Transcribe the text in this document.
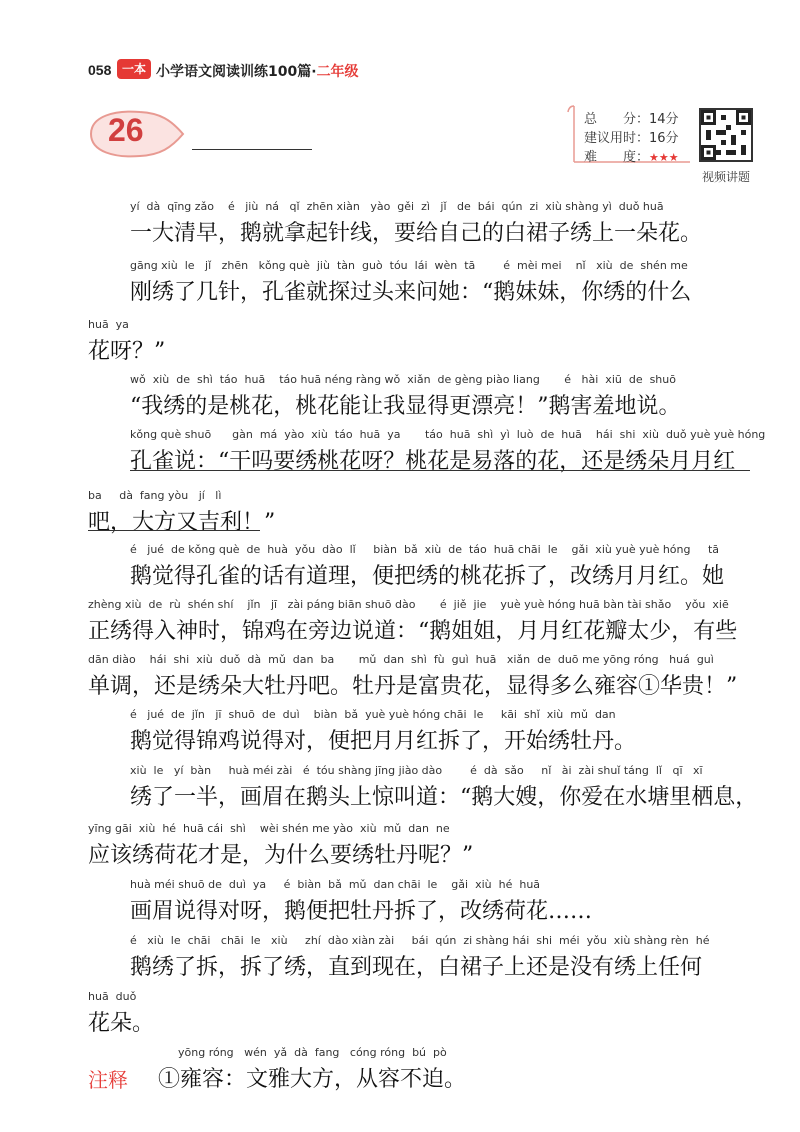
058 一本 小学语文阅读训练100篇·二年级
26	总　　分：14分
建议用时：16分
难　　度：★★★
视频讲题
yí  dà  qīng zǎo    é   jiù  ná   qǐ  zhēn xiàn   yào  gěi  zì   jǐ   de  bái  qún  zi  xiù shàng yì  duǒ huā
一大清早，鹅就拿起针线，要给自己的白裙子绣上一朵花。
gāng xiù  le   jǐ   zhēn   kǒng què  jiù  tàn  guò  tóu  lái  wèn  tā        é  mèi mei    nǐ   xiù  de  shén me
刚绣了几针，孔雀就探过头来问她：“鹅妹妹，你绣的什么
huā  ya
花呀？”
wǒ  xiù  de  shì  táo  huā    táo huā néng ràng wǒ  xiǎn  de gèng piào liang       é   hài  xiū  de  shuō
“我绣的是桃花，桃花能让我显得更漂亮！”鹅害羞地说。
kǒng què shuō      gàn  má  yào  xiù  táo  huā  ya       táo  huā  shì  yì  luò  de  huā    hái  shi  xiù  duǒ yuè yuè hóng
孔雀说：“干吗要绣桃花呀？桃花是易落的花，还是绣朵月月红
ba     dà  fang yòu   jí   lì
吧，大方又吉利！”
é   jué  de kǒng què  de  huà  yǒu  dào  lǐ     biàn  bǎ  xiù  de  táo  huā chāi  le    gǎi  xiù yuè yuè hóng     tā
鹅觉得孔雀的话有道理，便把绣的桃花拆了，改绣月月红。她
zhèng xiù  de  rù  shén shí    jǐn   jī   zài páng biān shuō dào       é  jiě  jie    yuè yuè hóng huā bàn tài shǎo    yǒu  xiē
正绣得入神时，锦鸡在旁边说道：“鹅姐姐，月月红花瓣太少，有些
dān diào    hái  shi  xiù  duǒ  dà  mǔ  dan  ba       mǔ  dan  shì  fù  guì  huā   xiǎn  de  duō me yōng róng   huá  guì
单调，还是绣朵大牡丹吧。牡丹是富贵花，显得多么雍容①华贵！”
é   jué  de  jǐn   jī  shuō  de  duì    biàn  bǎ  yuè yuè hóng chāi  le     kāi  shǐ  xiù  mǔ  dan
鹅觉得锦鸡说得对，便把月月红拆了，开始绣牡丹。
xiù  le   yí  bàn     huà méi zài   é  tóu shàng jīng jiào dào        é  dà  sǎo     nǐ   ài  zài shuǐ táng  lǐ   qī   xī
绣了一半，画眉在鹅头上惊叫道：“鹅大嫂，你爱在水塘里栖息，
yīng gāi  xiù  hé  huā cái  shì    wèi shén me yào  xiù  mǔ  dan  ne
应该绣荷花才是，为什么要绣牡丹呢？”
huà méi shuō de  duì  ya     é  biàn  bǎ  mǔ  dan chāi  le    gǎi  xiù  hé  huā
画眉说得对呀，鹅便把牡丹拆了，改绣荷花……
é   xiù  le  chāi   chāi  le   xiù     zhí  dào xiàn zài     bái  qún  zi shàng hái  shi  méi  yǒu  xiù shàng rèn  hé
鹅绣了拆，拆了绣，直到现在，白裙子上还是没有绣上任何
huā  duǒ
花朵。
注释
yōng róng   wén  yǎ  dà  fang   cóng róng  bú  pò
①雍容：文雅大方，从容不迫。
